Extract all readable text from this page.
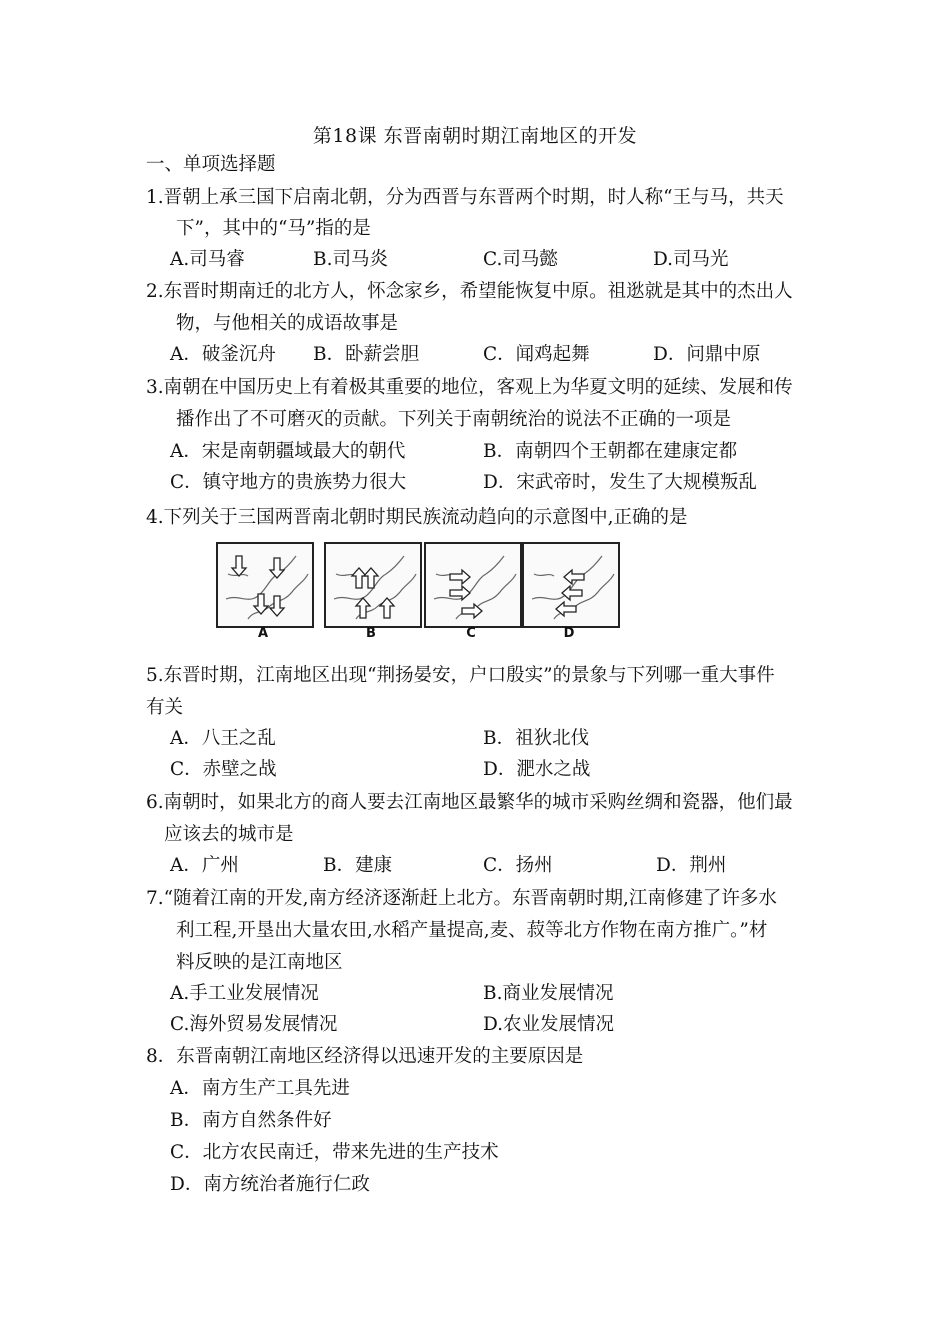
第18课 东晋南朝时期江南地区的开发
一、单项选择题
1.晋朝上承三国下启南北朝，分为西晋与东晋两个时期，时人称“王与马，共天
下”，其中的“马”指的是
A.司马睿	B.司马炎	C.司马懿	D.司马光
2.东晋时期南迁的北方人，怀念家乡，希望能恢复中原。祖逖就是其中的杰出人
物，与他相关的成语故事是
A．破釜沉舟 B．卧薪尝胆	C．闻鸡起舞	D．问鼎中原
3.南朝在中国历史上有着极其重要的地位，客观上为华夏文明的延续、发展和传
播作出了不可磨灭的贡献。下列关于南朝统治的说法不正确的一项是
A．宋是南朝疆域最大的朝代	B．南朝四个王朝都在建康定都
C．镇守地方的贵族势力很大	D．宋武帝时，发生了大规模叛乱
4.下列关于三国两晋南北朝时期民族流动趋向的示意图中,正确的是
A	B	C	D
5.东晋时期，江南地区出现“荆扬晏安，户口殷实”的景象与下列哪一重大事件
有关
A．八王之乱	B．祖狄北伐
C．赤壁之战	D．淝水之战
6.南朝时，如果北方的商人要去江南地区最繁华的城市采购丝绸和瓷器，他们最
应该去的城市是
A．广州	B．建康	C．扬州	D．荆州
7.“随着江南的开发,南方经济逐渐赶上北方。东晋南朝时期,江南修建了许多水
利工程,开垦出大量农田,水稻产量提高,麦、菽等北方作物在南方推广。”材
料反映的是江南地区
A.手工业发展情况	B.商业发展情况
C.海外贸易发展情况	D.农业发展情况
8．东晋南朝江南地区经济得以迅速开发的主要原因是
A．南方生产工具先进
B．南方自然条件好
C．北方农民南迁，带来先进的生产技术
D．南方统治者施行仁政
